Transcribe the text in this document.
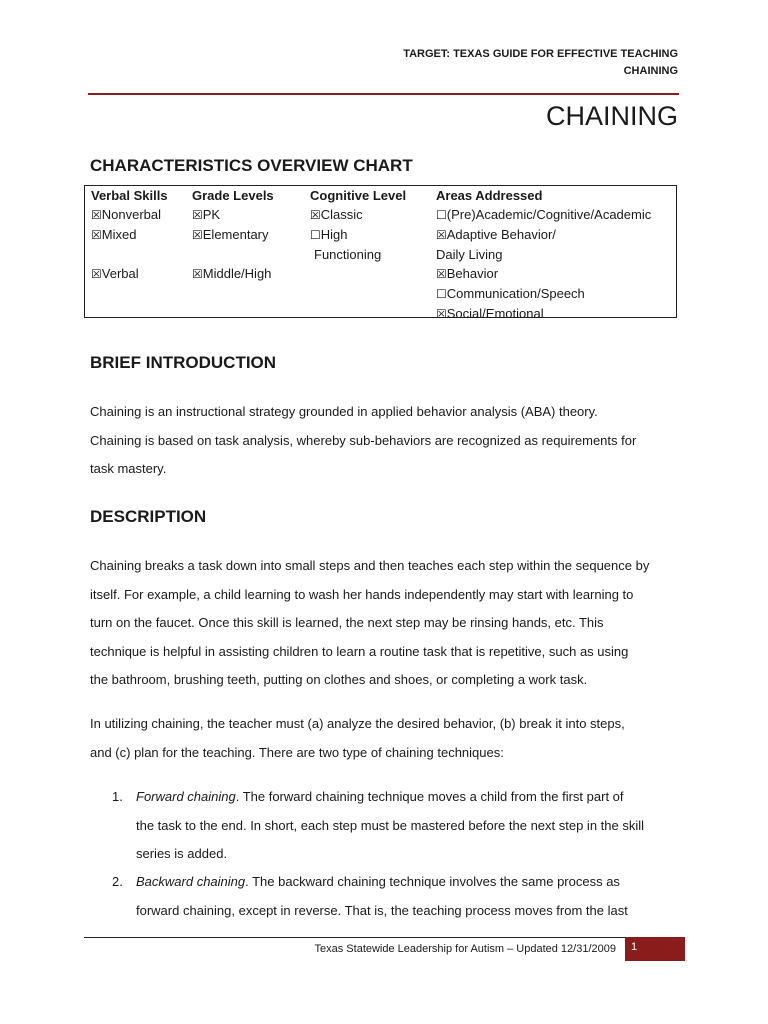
TARGET: TEXAS GUIDE FOR EFFECTIVE TEACHING
CHAINING
CHAINING
CHARACTERISTICS OVERVIEW CHART
Verbal Skills
☒Nonverbal
☒Mixed
☒Verbal
Grade Levels
☒PK
☒Elementary
☒Middle/High
Cognitive Level
☒Classic
☐High
Functioning
Areas Addressed
☐(Pre)Academic/Cognitive/Academic
☒Adaptive Behavior/
Daily Living
☒Behavior
☐Communication/Speech
☒Social/Emotional
BRIEF INTRODUCTION
Chaining is an instructional strategy grounded in applied behavior analysis (ABA) theory.
Chaining is based on task analysis, whereby sub-behaviors are recognized as requirements for
task mastery.
DESCRIPTION
Chaining breaks a task down into small steps and then teaches each step within the sequence by
itself. For example, a child learning to wash her hands independently may start with learning to
turn on the faucet. Once this skill is learned, the next step may be rinsing hands, etc. This
technique is helpful in assisting children to learn a routine task that is repetitive, such as using
the bathroom, brushing teeth, putting on clothes and shoes, or completing a work task.
In utilizing chaining, the teacher must (a) analyze the desired behavior, (b) break it into steps,
and (c) plan for the teaching. There are two type of chaining techniques:
1. Forward chaining. The forward chaining technique moves a child from the first part of
the task to the end. In short, each step must be mastered before the next step in the skill
series is added.
2. Backward chaining. The backward chaining technique involves the same process as
forward chaining, except in reverse. That is, the teaching process moves from the last
Texas Statewide Leadership for Autism – Updated 12/31/2009	1
